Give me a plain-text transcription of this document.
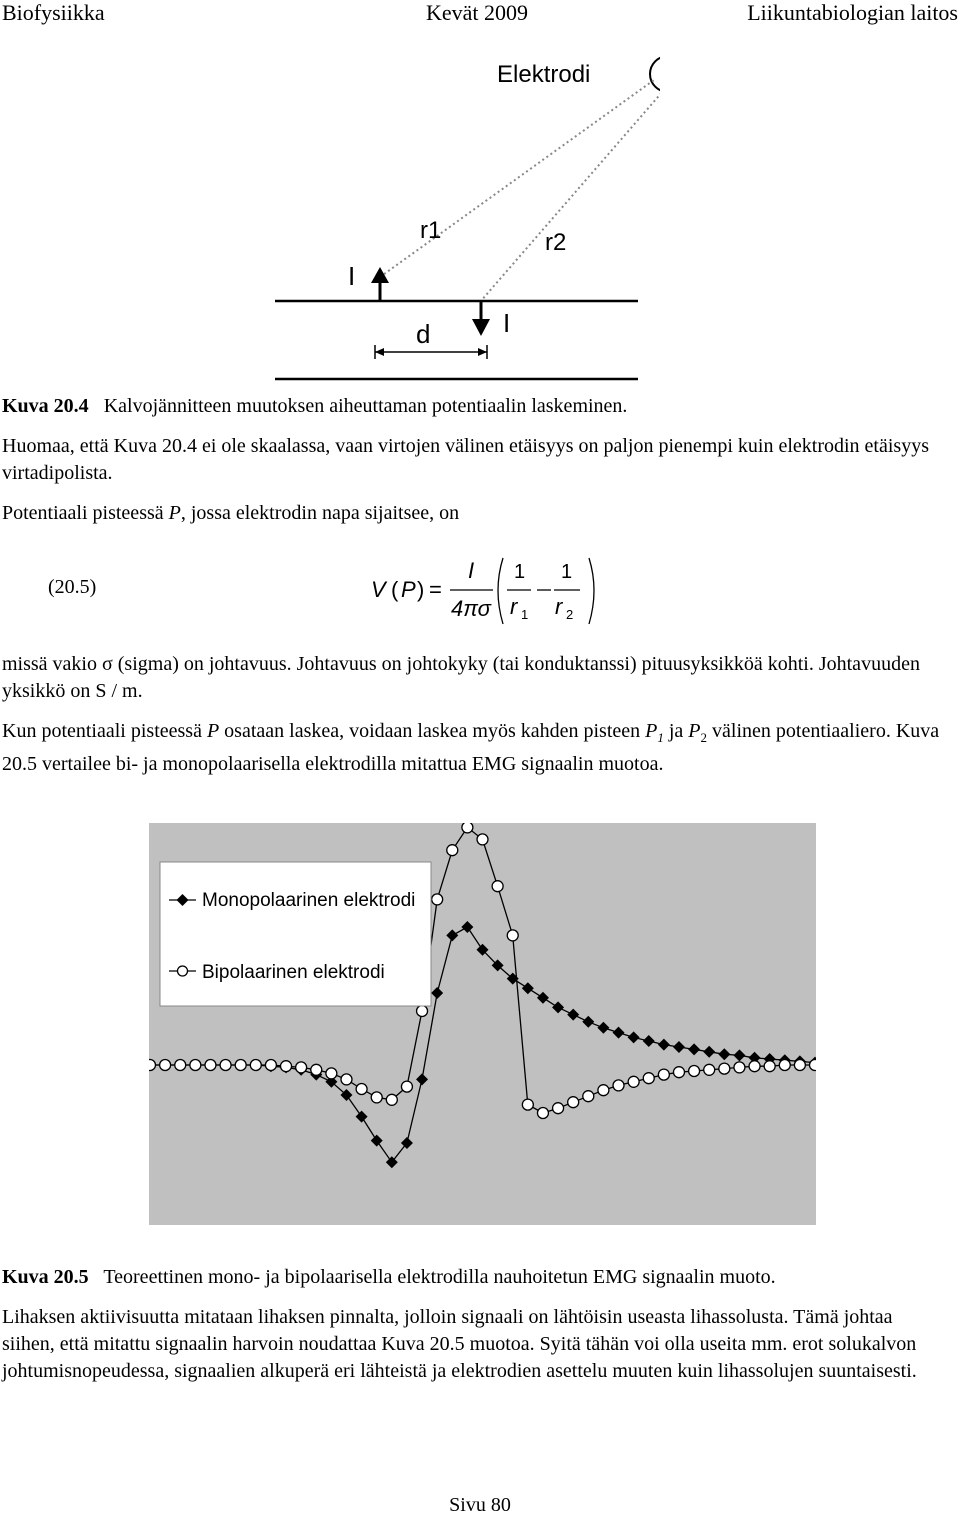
Biofysiikka	Kevät 2009	Liikuntabiologian laitos
Elektrodi
r1	r2
I
I
d
Kuva 20.4 Kalvojännitteen muutoksen aiheuttaman potentiaalin laskeminen.
Huomaa, että Kuva 20.4 ei ole skaalassa, vaan virtojen välinen etäisyys on paljon pienempi kuin elektrodin etäisyys virtadipolista.
Potentiaali pisteessä P, jossa elektrodin napa sijaitsee, on
(20.5)	V ( P ) =
I
4πσ
1
r 1
1
r 2
missä vakio σ (sigma) on johtavuus. Johtavuus on johtokyky (tai konduktanssi) pituusyksikköä kohti. Johtavuuden yksikkö on S / m.
Kun potentiaali pisteessä P osataan laskea, voidaan laskea myös kahden pisteen $P_1$ ja $P_2$ välinen potentiaaliero. Kuva 20.5 vertailee bi- ja monopolaarisella elektrodilla mitattua EMG signaalin muotoa.
Monopolaarinen elektrodi
Bipolaarinen elektrodi
Kuva 20.5 Teoreettinen mono- ja bipolaarisella elektrodilla nauhoitetun EMG signaalin muoto.
Lihaksen aktiivisuutta mitataan lihaksen pinnalta, jolloin signaali on lähtöisin useasta lihassolusta. Tämä johtaa siihen, että mitattu signaalin harvoin noudattaa Kuva 20.5 muotoa. Syitä tähän voi olla useita mm. erot solukalvon johtumisnopeudessa, signaalien alkuperä eri lähteistä ja elektrodien asettelu muuten kuin lihassolujen suuntaisesti.
Sivu 80
